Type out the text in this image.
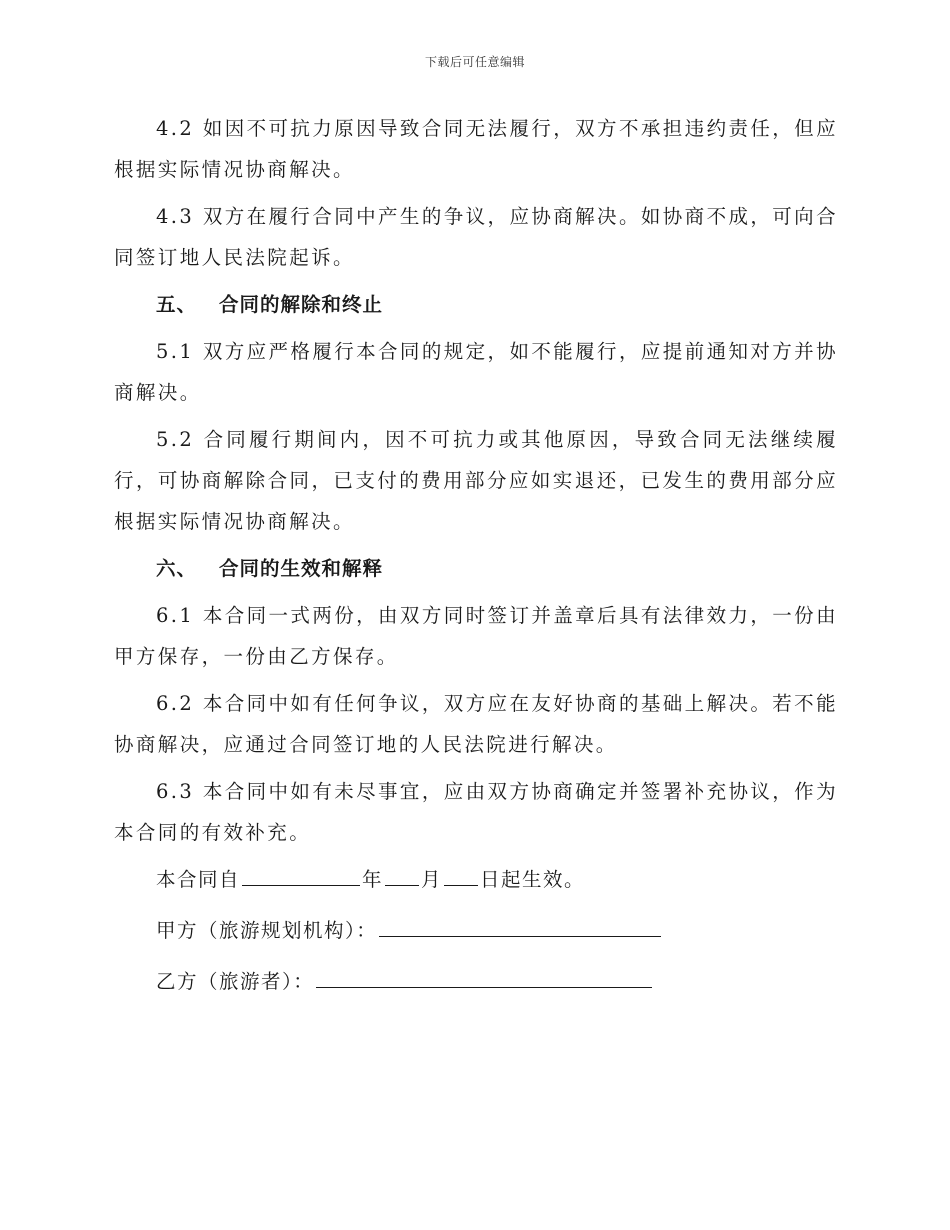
下载后可任意编辑

4.2 如因不可抗力原因导致合同无法履行，双方不承担违约责任，但应根据实际情况协商解决。

4.3 双方在履行合同中产生的争议，应协商解决。如协商不成，可向合同签订地人民法院起诉。

五、 合同的解除和终止

5.1 双方应严格履行本合同的规定，如不能履行，应提前通知对方并协商解决。

5.2 合同履行期间内，因不可抗力或其他原因，导致合同无法继续履行，可协商解除合同，已支付的费用部分应如实退还，已发生的费用部分应根据实际情况协商解决。

六、 合同的生效和解释

6.1 本合同一式两份，由双方同时签订并盖章后具有法律效力，一份由甲方保存，一份由乙方保存。

6.2 本合同中如有任何争议，双方应在友好协商的基础上解决。若不能协商解决，应通过合同签订地的人民法院进行解决。

6.3 本合同中如有未尽事宜，应由双方协商确定并签署补充协议，作为本合同的有效补充。

本合同自	年 月 日起生效。
甲方（旅游规划机构）：
乙方（旅游者）：
